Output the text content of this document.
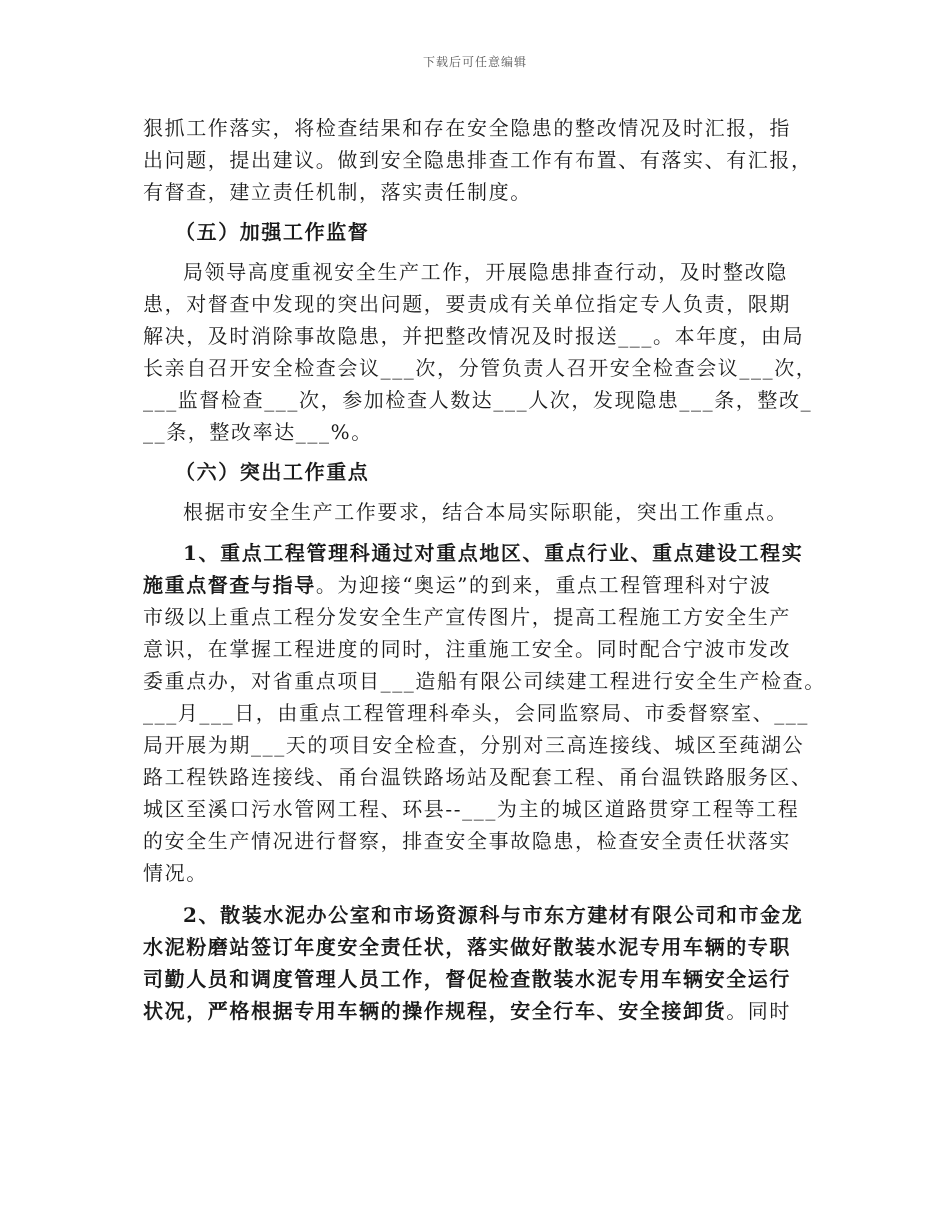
下载后可任意编辑
狠抓工作落实，将检查结果和存在安全隐患的整改情况及时汇报，指
出问题，提出建议。做到安全隐患排查工作有布置、有落实、有汇报，
有督查，建立责任机制，落实责任制度。
（五）加强工作监督
局领导高度重视安全生产工作，开展隐患排查行动，及时整改隐
患，对督查中发现的突出问题，要责成有关单位指定专人负责，限期
解决，及时消除事故隐患，并把整改情况及时报送___。本年度，由局
长亲自召开安全检查会议___次，分管负责人召开安全检查会议___次，
___监督检查___次，参加检查人数达___人次，发现隐患___条，整改_
__条，整改率达___%。
（六）突出工作重点
根据市安全生产工作要求，结合本局实际职能，突出工作重点。
1、重点工程管理科通过对重点地区、重点行业、重点建设工程实
施重点督查与指导。为迎接“奥运”的到来，重点工程管理科对宁波
市级以上重点工程分发安全生产宣传图片，提高工程施工方安全生产
意识，在掌握工程进度的同时，注重施工安全。同时配合宁波市发改
委重点办，对省重点项目___造船有限公司续建工程进行安全生产检查。
___月___日，由重点工程管理科牵头，会同监察局、市委督察室、___
局开展为期___天的项目安全检查，分别对三高连接线、城区至莼湖公
路工程铁路连接线、甬台温铁路场站及配套工程、甬台温铁路服务区、
城区至溪口污水管网工程、环县--___为主的城区道路贯穿工程等工程
的安全生产情况进行督察，排查安全事故隐患，检查安全责任状落实
情况。
2、散装水泥办公室和市场资源科与市东方建材有限公司和市金龙
水泥粉磨站签订年度安全责任状，落实做好散装水泥专用车辆的专职
司勤人员和调度管理人员工作，督促检查散装水泥专用车辆安全运行
状况，严格根据专用车辆的操作规程，安全行车、安全接卸货。同时
